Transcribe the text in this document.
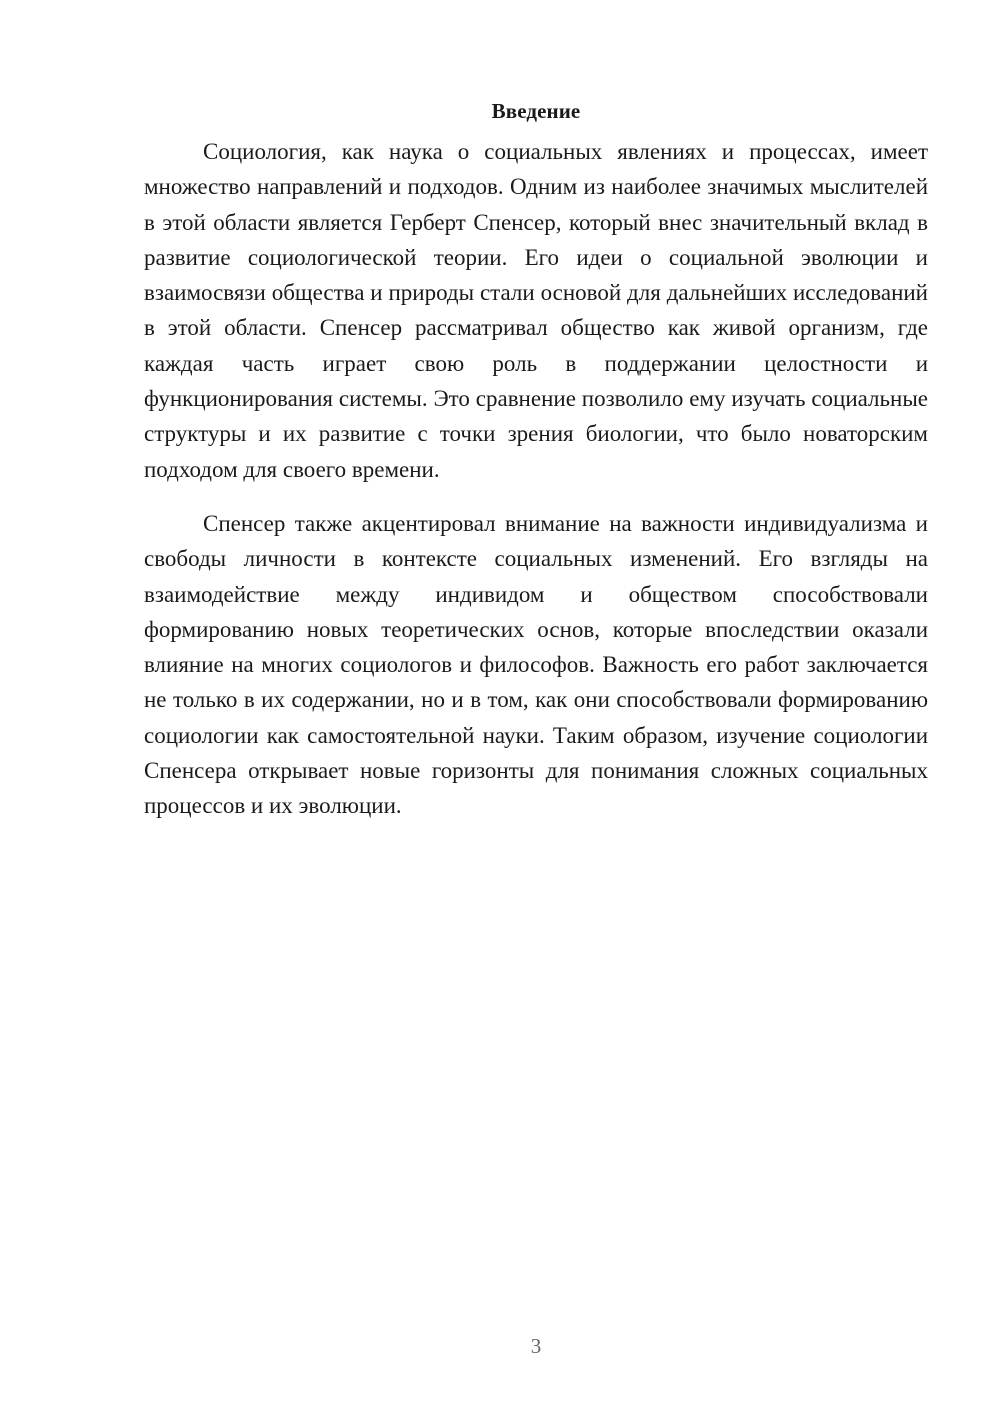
Введение

Социология, как наука о социальных явлениях и процессах, имеет множество направлений и подходов. Одним из наиболее значимых мыслителей в этой области является Герберт Спенсер, который внес значительный вклад в развитие социологической теории. Его идеи о социальной эволюции и взаимосвязи общества и природы стали основой для дальнейших исследований в этой области. Спенсер рассматривал общество как живой организм, где каждая часть играет свою роль в поддержании целостности и функционирования системы. Это сравнение позволило ему изучать социальные структуры и их развитие с точки зрения биологии, что было новаторским подходом для своего времени.

Спенсер также акцентировал внимание на важности индивидуализма и свободы личности в контексте социальных изменений. Его взгляды на взаимодействие между индивидом и обществом способствовали формированию новых теоретических основ, которые впоследствии оказали влияние на многих социологов и философов. Важность его работ заключается не только в их содержании, но и в том, как они способствовали формированию социологии как самостоятельной науки. Таким образом, изучение социологии Спенсера открывает новые горизонты для понимания сложных социальных процессов и их эволюции.

3
